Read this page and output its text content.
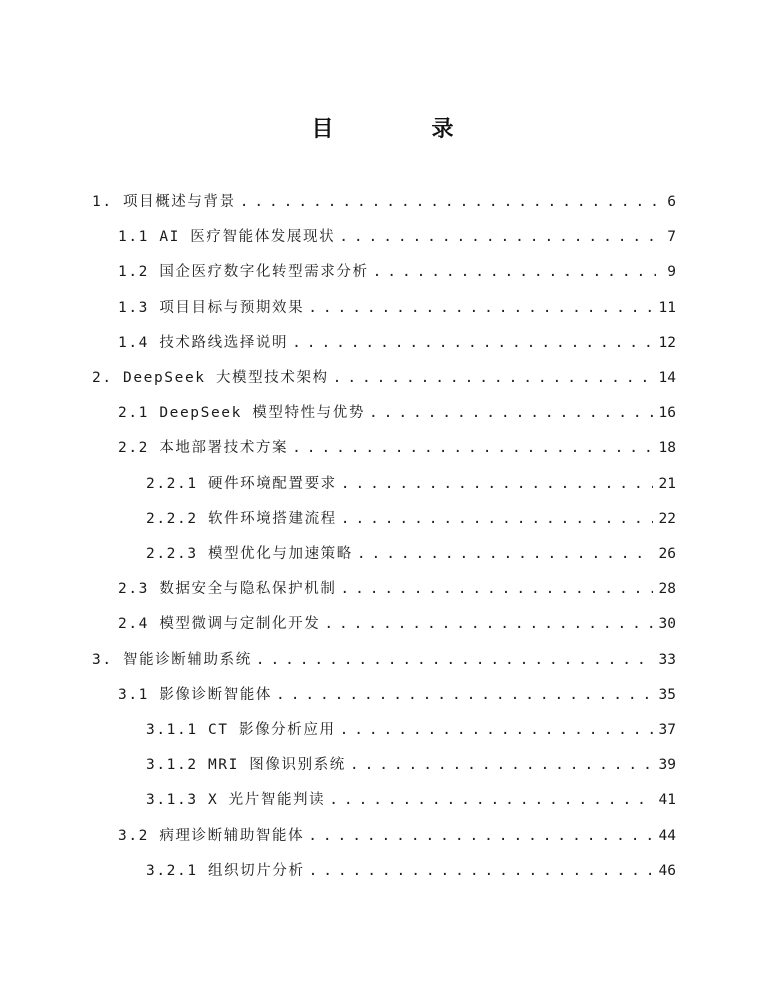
目　录
1. 项目概述与背景 . . .	6
1.1 AI 医疗智能体发展现状 . . .	7
1.2 国企医疗数字化转型需求分析 . . .	9
1.3 项目目标与预期效果 . . .	11
1.4 技术路线选择说明 . . .	12
2. DeepSeek 大模型技术架构 . . .	14
2.1 DeepSeek 模型特性与优势 . . .	16
2.2 本地部署技术方案 . . .	18
2.2.1 硬件环境配置要求 . . .	21
2.2.2 软件环境搭建流程 . . .	22
2.2.3 模型优化与加速策略 . . .	26
2.3 数据安全与隐私保护机制 . . .	28
2.4 模型微调与定制化开发 . . .	30
3. 智能诊断辅助系统 . . .	33
3.1 影像诊断智能体 . . .	35
3.1.1 CT 影像分析应用 . . .	37
3.1.2 MRI 图像识别系统 . . .	39
3.1.3 X 光片智能判读 . . .	41
3.2 病理诊断辅助智能体 . . .	44
3.2.1 组织切片分析 . . .	46
